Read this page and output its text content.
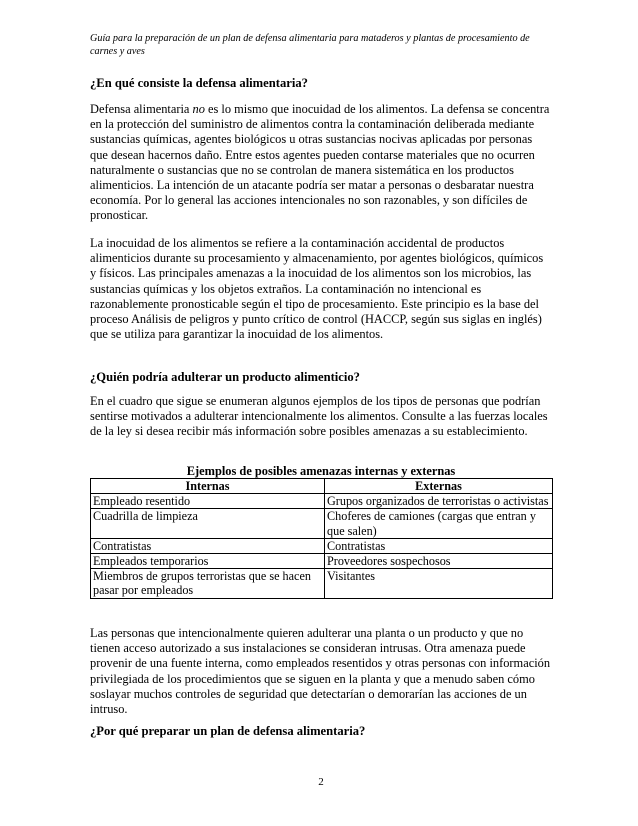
Guía para la preparación de un plan de defensa alimentaria para mataderos y plantas de procesamiento de carnes y aves
¿En qué consiste la defensa alimentaria?

Defensa alimentaria no es lo mismo que inocuidad de los alimentos. La defensa se concentra en la protección del suministro de alimentos contra la contaminación deliberada mediante sustancias químicas, agentes biológicos u otras sustancias nocivas aplicadas por personas que desean hacernos daño. Entre estos agentes pueden contarse materiales que no ocurren naturalmente o sustancias que no se controlan de manera sistemática en los productos alimenticios. La intención de un atacante podría ser matar a personas o desbaratar nuestra economía. Por lo general las acciones intencionales no son razonables, y son difíciles de pronosticar.

La inocuidad de los alimentos se refiere a la contaminación accidental de productos alimenticios durante su procesamiento y almacenamiento, por agentes biológicos, químicos y físicos. Las principales amenazas a la inocuidad de los alimentos son los microbios, las sustancias químicas y los objetos extraños. La contaminación no intencional es razonablemente pronosticable según el tipo de procesamiento. Este principio es la base del proceso Análisis de peligros y punto crítico de control (HACCP, según sus siglas en inglés) que se utiliza para garantizar la inocuidad de los alimentos.

¿Quién podría adulterar un producto alimenticio?

En el cuadro que sigue se enumeran algunos ejemplos de los tipos de personas que podrían sentirse motivados a adulterar intencionalmente los alimentos. Consulte a las fuerzas locales de la ley si desea recibir más información sobre posibles amenazas a su establecimiento.

Ejemplos de posibles amenazas internas y externas
Internas	Externas
Empleado resentido	Grupos organizados de terroristas o activistas
Cuadrilla de limpieza	Choferes de camiones (cargas que entran y que salen)
Contratistas	Contratistas
Empleados temporarios	Proveedores sospechosos
Miembros de grupos terroristas que se hacen pasar por empleados	Visitantes

Las personas que intencionalmente quieren adulterar una planta o un producto y que no tienen acceso autorizado a sus instalaciones se consideran intrusas. Otra amenaza puede provenir de una fuente interna, como empleados resentidos y otras personas con información privilegiada de los procedimientos que se siguen en la planta y que a menudo saben cómo soslayar muchos controles de seguridad que detectarían o demorarían las acciones de un intruso.

¿Por qué preparar un plan de defensa alimentaria?
2
